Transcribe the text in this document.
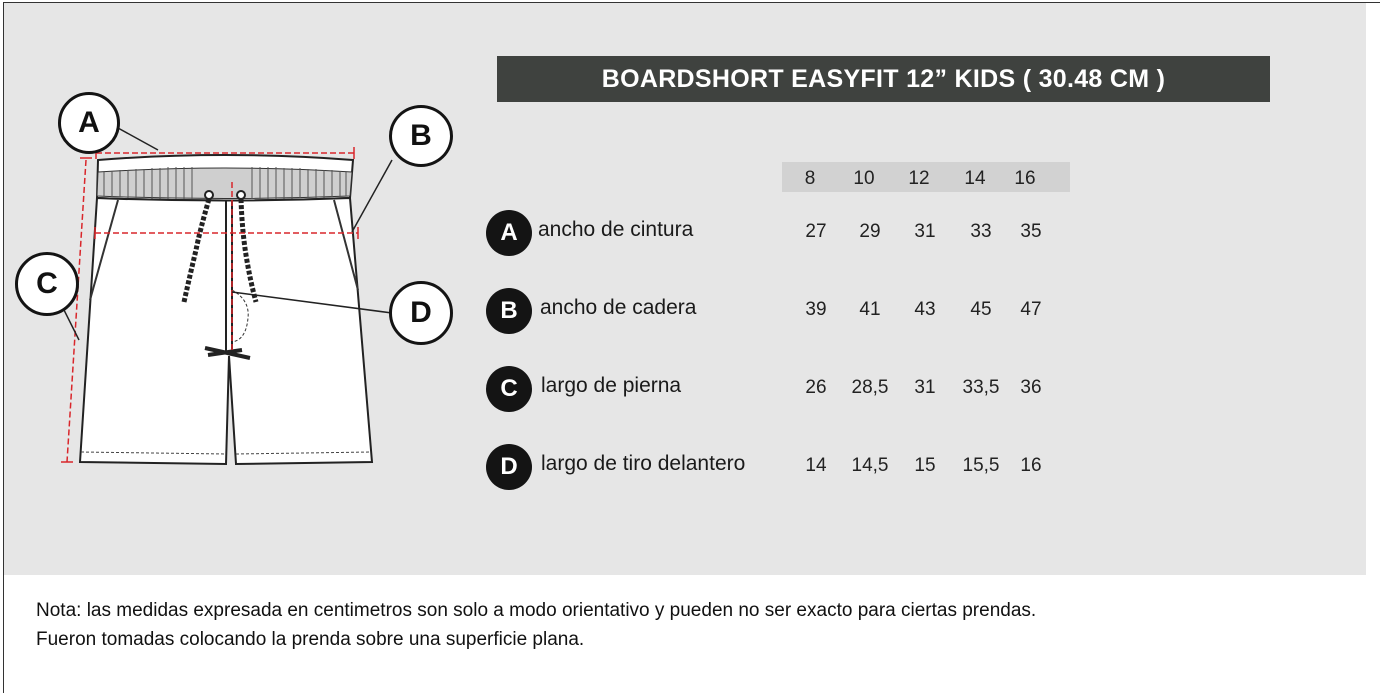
A	B
C
D
BOARDSHORT EASYFIT 12” KIDS ( 30.48 CM )
8 10 12 14 16
A ancho de cintura	27 29 31 33 35
B	ancho de cadera	39 41 43 45 47
C	largo de pierna	26 28,5 31 33,5 36
D	largo de tiro delantero	14 14,5 15 15,5 16
Nota: las medidas expresada en centimetros son solo a modo orientativo y pueden no ser exacto para ciertas prendas.
Fueron tomadas colocando la prenda sobre una superficie plana.
